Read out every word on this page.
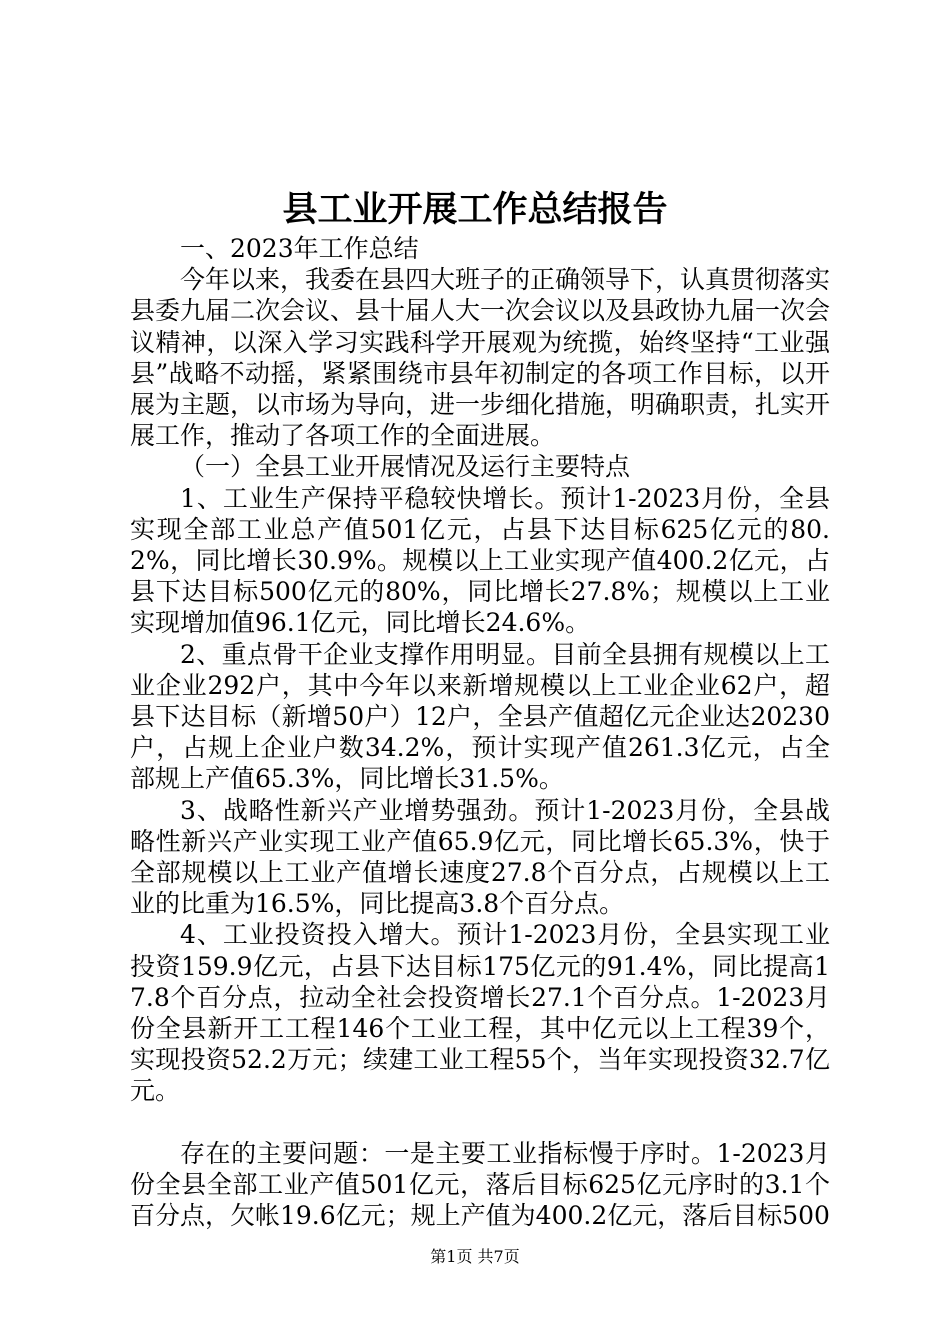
县工业开展工作总结报告

一、2023年工作总结

今年以来，我委在县四大班子的正确领导下，认真贯彻落实县委九届二次会议、县十届人大一次会议以及县政协九届一次会议精神，以深入学习实践科学开展观为统揽，始终坚持“工业强县”战略不动摇，紧紧围绕市县年初制定的各项工作目标，以开展为主题，以市场为导向，进一步细化措施，明确职责，扎实开展工作，推动了各项工作的全面进展。

（一）全县工业开展情况及运行主要特点

1、工业生产保持平稳较快增长。预计1-2023月份，全县实现全部工业总产值501亿元，占县下达目标625亿元的80.2%，同比增长30.9%。规模以上工业实现产值400.2亿元，占县下达目标500亿元的80%，同比增长27.8%；规模以上工业实现增加值96.1亿元，同比增长24.6%。

2、重点骨干企业支撑作用明显。目前全县拥有规模以上工业企业292户，其中今年以来新增规模以上工业企业62户，超县下达目标（新增50户）12户，全县产值超亿元企业达20230户，占规上企业户数34.2%，预计实现产值261.3亿元，占全部规上产值65.3%，同比增长31.5%。

3、战略性新兴产业增势强劲。预计1-2023月份，全县战略性新兴产业实现工业产值65.9亿元，同比增长65.3%，快于全部规模以上工业产值增长速度27.8个百分点，占规模以上工业的比重为16.5%，同比提高3.8个百分点。

4、工业投资投入增大。预计1-2023月份，全县实现工业投资159.9亿元，占县下达目标175亿元的91.4%，同比提高17.8个百分点，拉动全社会投资增长27.1个百分点。1-2023月份全县新开工工程146个工业工程，其中亿元以上工程39个，实现投资52.2万元；续建工业工程55个，当年实现投资32.7亿元。

存在的主要问题：一是主要工业指标慢于序时。1-2023月份全县全部工业产值501亿元，落后目标625亿元序时的3.1个百分点，欠帐19.6亿元；规上产值为400.2亿元，落后目标500

第1页 共7页
